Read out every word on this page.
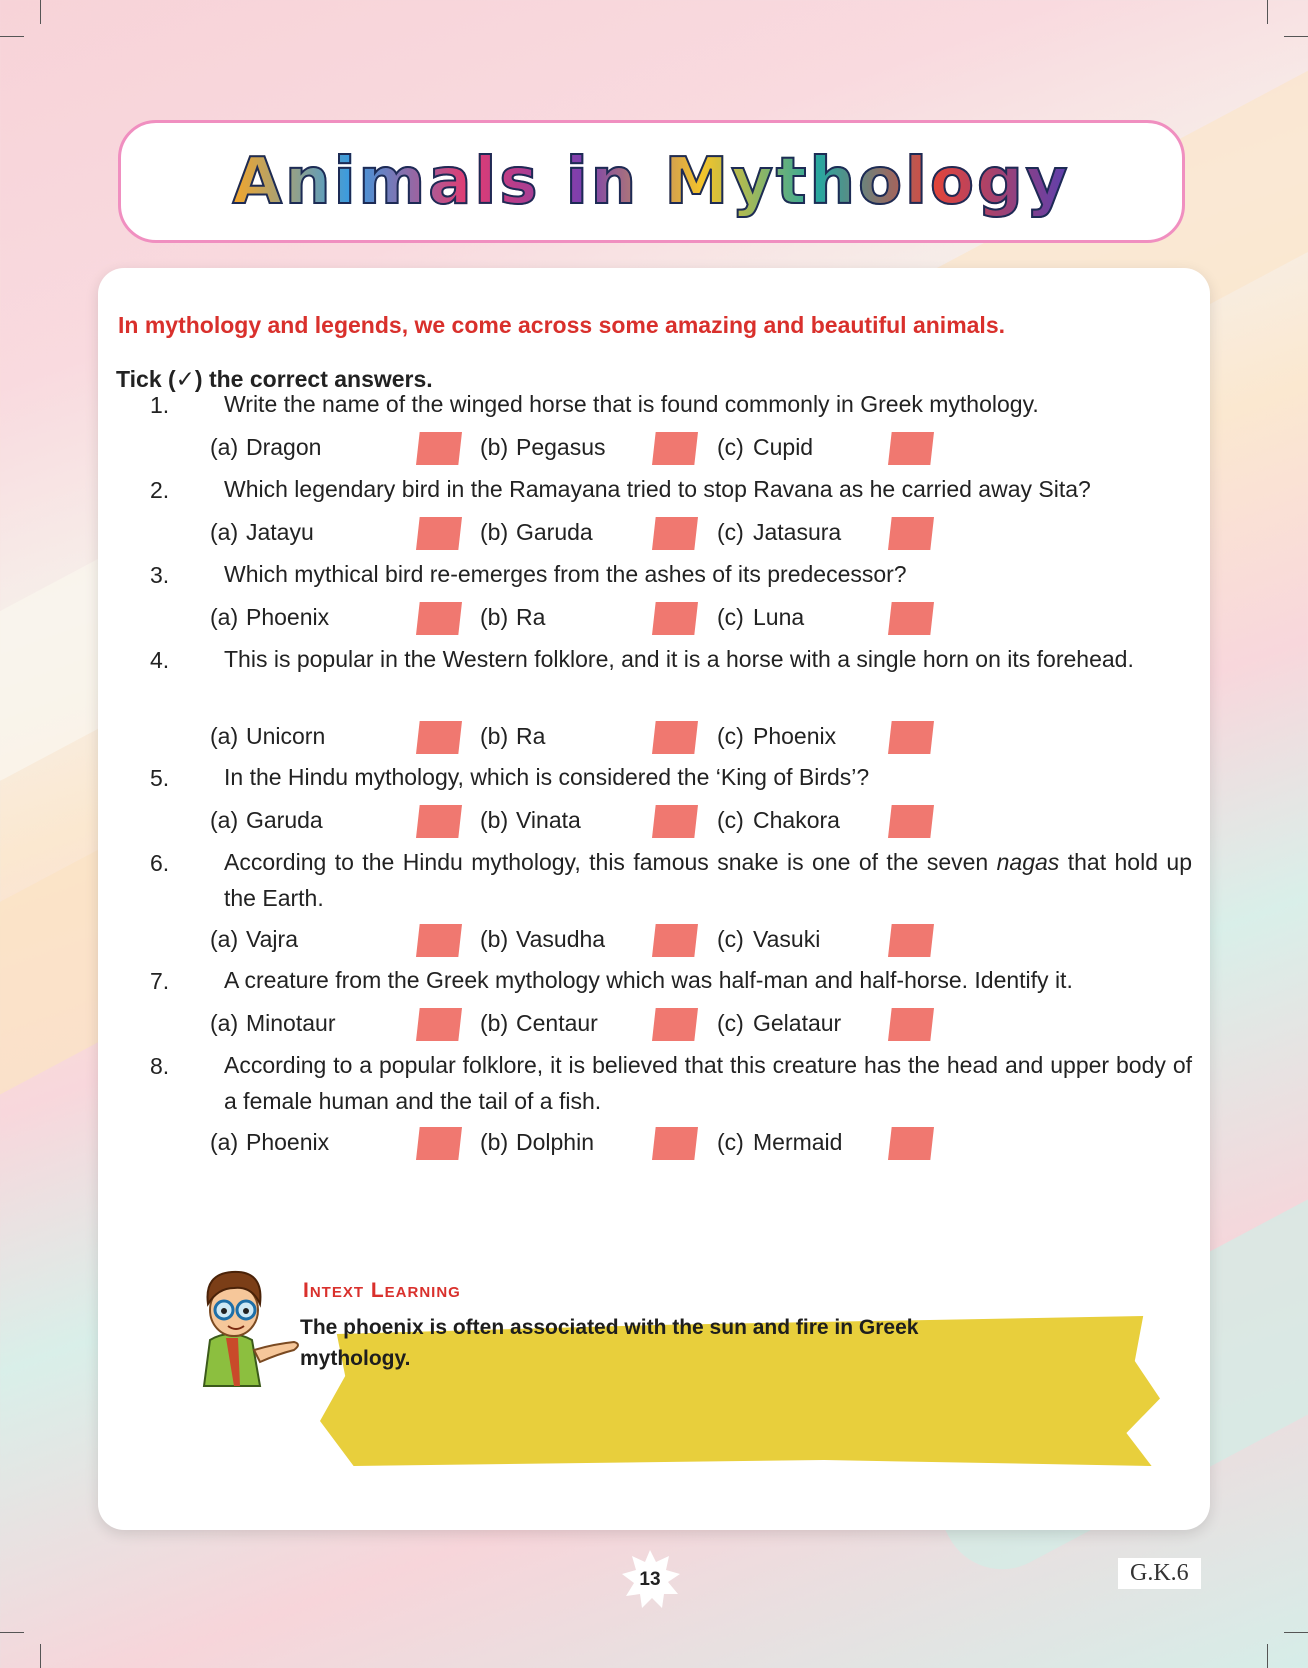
Animals in Mythology
In mythology and legends, we come across some amazing and beautiful animals.
Tick (✓) the correct answers.
1. Write the name of the winged horse that is found commonly in Greek mythology.
(a) Dragon	(b) Pegasus	(c) Cupid
2. Which legendary bird in the Ramayana tried to stop Ravana as he carried away Sita?
(a) Jatayu	(b) Garuda	(c) Jatasura
3. Which mythical bird re-emerges from the ashes of its predecessor?
(a) Phoenix	(b) Ra	(c) Luna
4. This is popular in the Western folklore, and it is a horse with a single horn on its forehead.
(a) Unicorn	(b) Ra	(c) Phoenix
5. In the Hindu mythology, which is considered the ‘King of Birds’?
(a) Garuda	(b) Vinata	(c) Chakora
6. According to the Hindu mythology, this famous snake is one of the seven nagas that hold up the Earth.
(a) Vajra	(b) Vasudha	(c) Vasuki
7. A creature from the Greek mythology which was half-man and half-horse. Identify it.
(a) Minotaur	(b) Centaur	(c) Gelataur
8. According to a popular folklore, it is believed that this creature has the head and upper body of a female human and the tail of a fish.
(a) Phoenix	(b) Dolphin	(c) Mermaid
Intext Learning
The phoenix is often associated with the sun and fire in Greek mythology.
13	G.K.6
